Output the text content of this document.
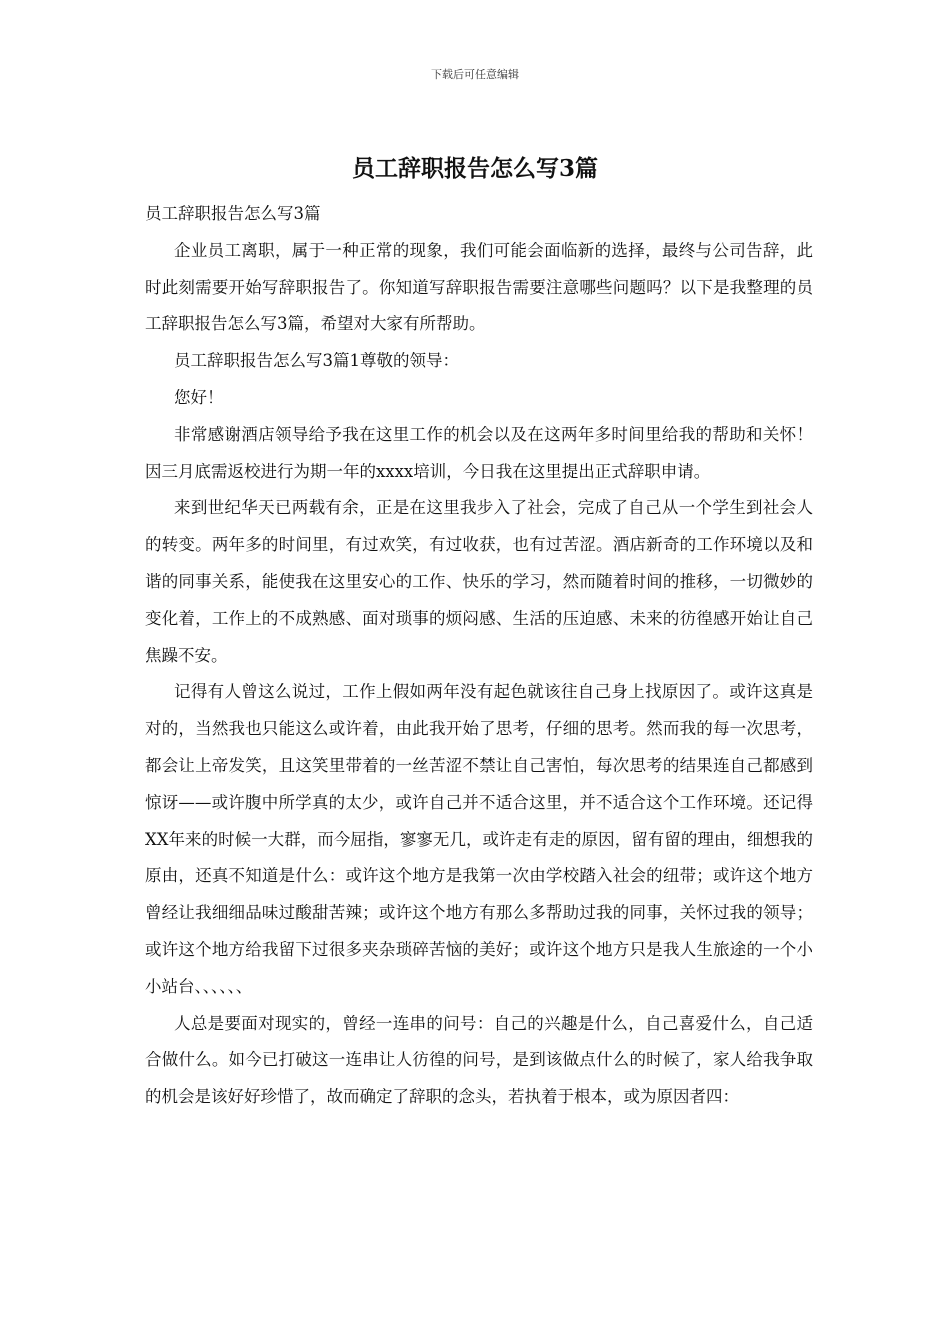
下载后可任意编辑
员工辞职报告怎么写3篇

员工辞职报告怎么写3篇

企业员工离职，属于一种正常的现象，我们可能会面临新的选择，最终与公司告辞，此时此刻需要开始写辞职报告了。你知道写辞职报告需要注意哪些问题吗？以下是我整理的员工辞职报告怎么写3篇，希望对大家有所帮助。

员工辞职报告怎么写3篇1尊敬的领导：

您好！

非常感谢酒店领导给予我在这里工作的机会以及在这两年多时间里给我的帮助和关怀！因三月底需返校进行为期一年的xxxx培训，今日我在这里提出正式辞职申请。

来到世纪华天已两载有余，正是在这里我步入了社会，完成了自己从一个学生到社会人的转变。两年多的时间里，有过欢笑，有过收获，也有过苦涩。酒店新奇的工作环境以及和谐的同事关系，能使我在这里安心的工作、快乐的学习，然而随着时间的推移，一切微妙的变化着，工作上的不成熟感、面对琐事的烦闷感、生活的压迫感、未来的彷徨感开始让自己焦躁不安。

记得有人曾这么说过，工作上假如两年没有起色就该往自己身上找原因了。或许这真是对的，当然我也只能这么或许着，由此我开始了思考，仔细的思考。然而我的每一次思考，都会让上帝发笑，且这笑里带着的一丝苦涩不禁让自己害怕，每次思考的结果连自己都感到惊讶——或许腹中所学真的太少，或许自己并不适合这里，并不适合这个工作环境。还记得XX年来的时候一大群，而今屈指，寥寥无几，或许走有走的原因，留有留的理由，细想我的原由，还真不知道是什么：或许这个地方是我第一次由学校踏入社会的纽带；或许这个地方曾经让我细细品味过酸甜苦辣；或许这个地方有那么多帮助过我的同事，关怀过我的领导；或许这个地方给我留下过很多夹杂琐碎苦恼的美好；或许这个地方只是我人生旅途的一个小小站台、、、、、、

人总是要面对现实的，曾经一连串的问号：自己的兴趣是什么，自己喜爱什么，自己适合做什么。如今已打破这一连串让人彷徨的问号，是到该做点什么的时候了，家人给我争取的机会是该好好珍惜了，故而确定了辞职的念头，若执着于根本，或为原因者四：
